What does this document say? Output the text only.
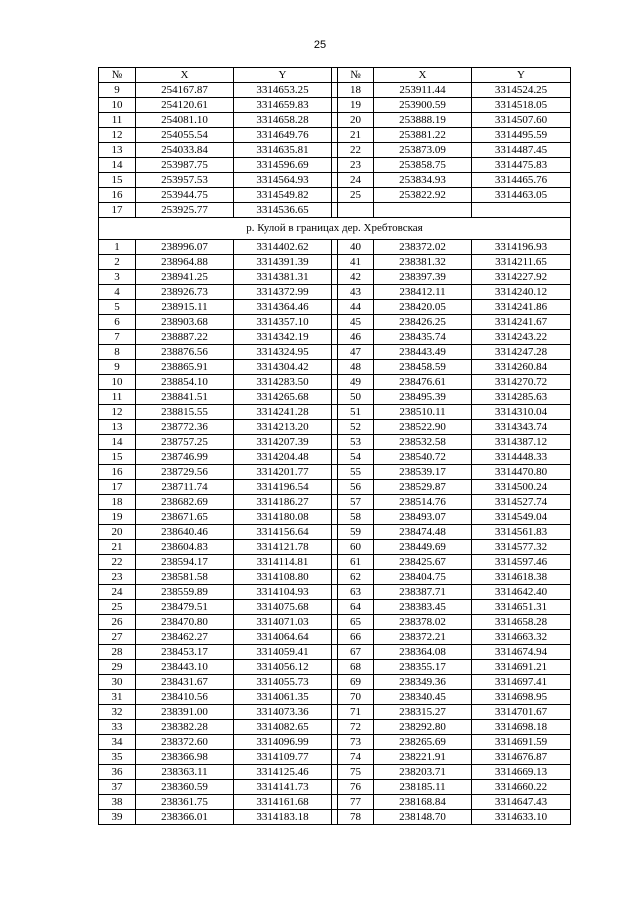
25
№	X	Y		№	X	Y
9	254167.87	3314653.25		18	253911.44	3314524.25
10	254120.61	3314659.83		19	253900.59	3314518.05
11	254081.10	3314658.28		20	253888.19	3314507.60
12	254055.54	3314649.76		21	253881.22	3314495.59
13	254033.84	3314635.81		22	253873.09	3314487.45
14	253987.75	3314596.69		23	253858.75	3314475.83
15	253957.53	3314564.93		24	253834.93	3314465.76
16	253944.75	3314549.82		25	253822.92	3314463.05
17	253925.77	3314536.65				
р. Кулой в границах дер. Хребтовская						
1	238996.07	3314402.62		40	238372.02	3314196.93
2	238964.88	3314391.39		41	238381.32	3314211.65
3	238941.25	3314381.31		42	238397.39	3314227.92
4	238926.73	3314372.99		43	238412.11	3314240.12
5	238915.11	3314364.46		44	238420.05	3314241.86
6	238903.68	3314357.10		45	238426.25	3314241.67
7	238887.22	3314342.19		46	238435.74	3314243.22
8	238876.56	3314324.95		47	238443.49	3314247.28
9	238865.91	3314304.42		48	238458.59	3314260.84
10	238854.10	3314283.50		49	238476.61	3314270.72
11	238841.51	3314265.68		50	238495.39	3314285.63
12	238815.55	3314241.28		51	238510.11	3314310.04
13	238772.36	3314213.20		52	238522.90	3314343.74
14	238757.25	3314207.39		53	238532.58	3314387.12
15	238746.99	3314204.48		54	238540.72	3314448.33
16	238729.56	3314201.77		55	238539.17	3314470.80
17	238711.74	3314196.54		56	238529.87	3314500.24
18	238682.69	3314186.27		57	238514.76	3314527.74
19	238671.65	3314180.08		58	238493.07	3314549.04
20	238640.46	3314156.64		59	238474.48	3314561.83
21	238604.83	3314121.78		60	238449.69	3314577.32
22	238594.17	3314114.81		61	238425.67	3314597.46
23	238581.58	3314108.80		62	238404.75	3314618.38
24	238559.89	3314104.93		63	238387.71	3314642.40
25	238479.51	3314075.68		64	238383.45	3314651.31
26	238470.80	3314071.03		65	238378.02	3314658.28
27	238462.27	3314064.64		66	238372.21	3314663.32
28	238453.17	3314059.41		67	238364.08	3314674.94
29	238443.10	3314056.12		68	238355.17	3314691.21
30	238431.67	3314055.73		69	238349.36	3314697.41
31	238410.56	3314061.35		70	238340.45	3314698.95
32	238391.00	3314073.36		71	238315.27	3314701.67
33	238382.28	3314082.65		72	238292.80	3314698.18
34	238372.60	3314096.99		73	238265.69	3314691.59
35	238366.98	3314109.77		74	238221.91	3314676.87
36	238363.11	3314125.46		75	238203.71	3314669.13
37	238360.59	3314141.73		76	238185.11	3314660.22
38	238361.75	3314161.68		77	238168.84	3314647.43
39	238366.01	3314183.18		78	238148.70	3314633.10
